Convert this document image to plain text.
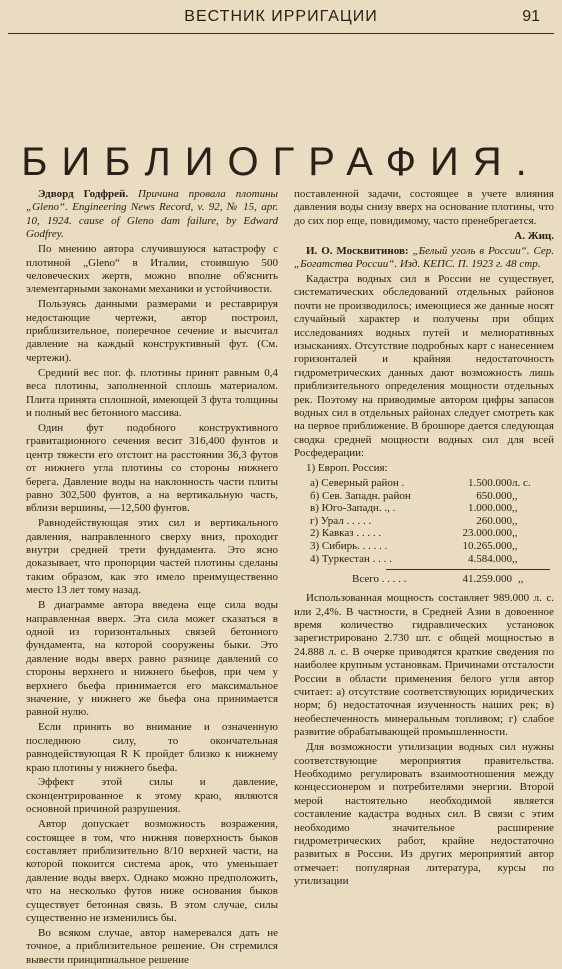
ВЕСТНИК ИРРИГАЦИИ	91
БИБЛИОГРАФИЯ.

Эдворд Годфрей. Причина провала плотины „Gleno“. Engineering News Record, v. 92, № 15, apr. 10, 1924. cause of Gleno dam failure, by Edward Godfrey.

По мнению автора случившуюся катастрофу с плотиной „Gleno“ в Италии, стоившую 500 человеческих жертв, можно вполне об'яснить элементарными законами механики и устойчивости.

Пользуясь данными размерами и реставрируя недостающие чертежи, автор построил, приблизительное, поперечное сечение и высчитал давление на каждый конструктивный фут. (См. чертежи).

Средний вес пог. ф. плотины принят равным 0,4 веса плотины, заполненной сплошь материалом. Плита принята сплошной, имеющей 3 фута толщины и полный вес бетонного массива.

Один фут подобного конструктивного гравитационного сечения весит 316,400 фунтов и центр тяжести его отстоит на расстоянии 36,3 футов от нижнего угла плотины со стороны нижнего берега. Давление воды на наклонность части плиты равно 302,500 фунтов, а на вертикальную часть, вблизи вершины, —12,500 фунтов.

Равнодействующая этих сил и вертикального давления, направленного сверху вниз, проходит внутри средней трети фундамента. Это ясно доказывает, что пропорции частей плотины сделаны таким образом, как это имело преимущественно место 13 лет тому назад.

В диаграмме автора введена еще сила воды направленная вверх. Эта сила может сказаться в одной из горизонтальных связей бетонного фундамента, на которой сооружены быки. Это давление воды вверх равно разнице давлений со стороны верхнего и нижнего бьефов, при чем у верхнего бьефа принимается его максимальное значение, у нижнего же бьефа она принимается равной нулю.

Если принять во внимание и означенную последнюю силу, то окончательная равнодействующая R K пройдет близко к нижнему краю плотины у нижнего бьефа.

Эффект этой силы и давление, сконцентрированное к этому краю, являются основной причиной разрушения.

Автор допускает возможность возражения, состоящее в том, что нижняя поверхность быков составляет приблизительно 8/10 верхней части, на которой покоится система арок, что уменьшает давление воды вверх. Однако можно предположить, что на несколько футов ниже основания быков существует бетонная связь. В этом случае, силы существенно не изменились бы.

Во всяком случае, автор намеревался дать не точное, а приблизительное решение. Он стремился вывести принципиальное решение

поставленной задачи, состоящее в учете влияния давления воды снизу вверх на основание плотины, что до сих пор еще, повидимому, часто пренебрегается.

А. Жиц.

И. О. Москвитинов: „Белый уголь в России“. Сер. „Богатства России“. Изд. КЕПС. П. 1923 г. 48 стр.

Кадастра водных сил в России не существует, систематических обследований отдельных районов почти не производилось; имеющиеся же данные носят случайный характер и получены при общих исследованиях водных путей и мелиоративных изысканиях. Отсутствие подробных карт с нанесением горизонталей и крайняя недостаточность гидрометрических данных дают возможность лишь приблизительного определения мощности отдельных рек. Поэтому на приводимые автором цифры запасов водных сил в отдельных районах следует смотреть как на первое приближение. В брошюре дается следующая сводка средней мощности водных сил для всей Росфедерации:

1) Европ. Россия:

а) Северный район .	1.500.000	л. с.
б) Сев. Западн. район	650.000	,,
в) Юго-Западн. ., .	1.000.000	,,
г) Урал . . . . .	260.000	,,
2) Кавказ . . . . .	23.000.000	,,
3) Сибирь. . . . . .	10.265.000	,,
4) Туркестан . . . .	4.584.000	,,
Всего . . . . .	41.259.000	,,

Использованная мощность составляет 989.000 л. с. или 2,4%. В частности, в Средней Азии в довоенное время количество гидравлических установок зарегистрировано 2.730 шт. с общей мощностью в 24.888 л. с. В очерке приводятся краткие сведения по наиболее крупным установкам. Причинами отсталости России в области применения белого угля автор считает: а) отсутствие соответствующих юридических норм; б) недостаточная изученность наших рек; в) необеспеченность минеральным топливом; г) слабое развитие обрабатывающей промышленности.

Для возможности утилизации водных сил нужны соответствующие мероприятия правительства. Необходимо регулировать взаимоотношения между концессионером и потребителями энергии. Второй мерой настоятельно необходимой является составление кадастра водных сил. В связи с этим необходимо значительное расширение гидрометрических работ, крайне недостаточно развитых в России. Из других мероприятий автор отмечает: популярная литература, курсы по утилизации
